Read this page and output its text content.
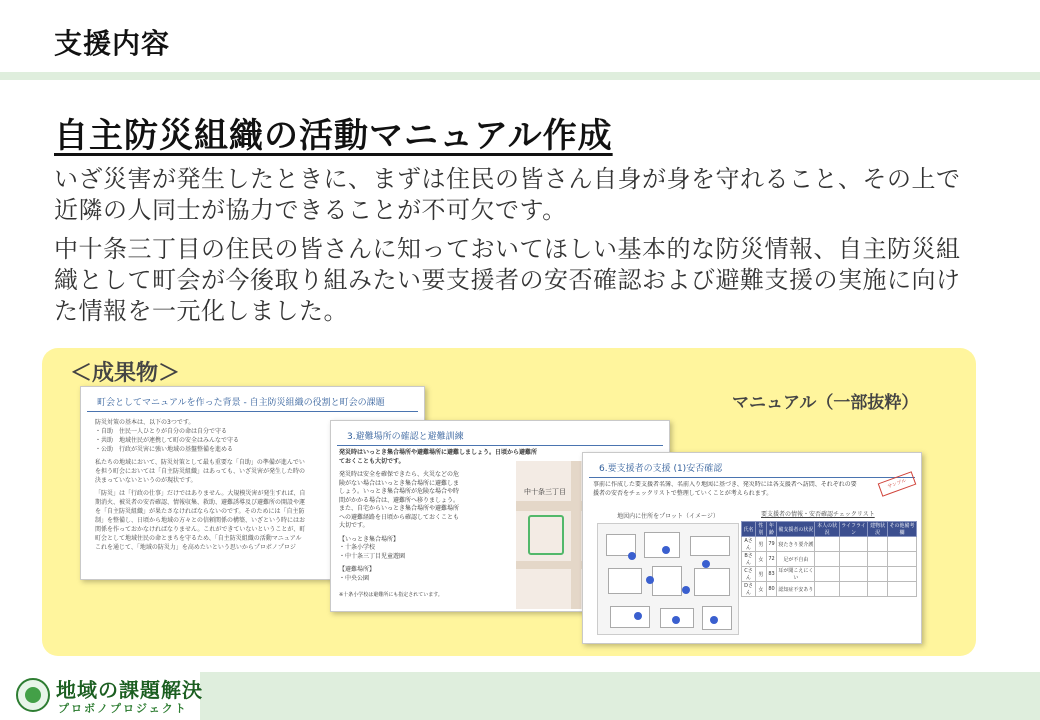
支援内容
自主防災組織の活動マニュアル作成
いざ災害が発生したときに、まずは住民の皆さん自身が身を守れること、その上で近隣の人同士が協力できることが不可欠です。
中十条三丁目の住民の皆さんに知っておいてほしい基本的な防災情報、自主防災組織として町会が今後取り組みたい要支援者の安否確認および避難支援の実施に向けた情報を一元化しました。
＜成果物＞
マニュアル（一部抜粋）
町会としてマニュアルを作った背景 - 自主防災組織の役割と町会の課題
防災対策の基本は、以下の3つです。
・自助　住民一人ひとりが自分の命は自分で守る
・共助　地域住民が連携して町の安全はみんなで守る
・公助　行政が災害に強い地域の基盤整備を進める
私たちの地域において、防災対策として最も重要な「自助」の準備が進んでい
を担う町会においては「自主防災組織」はあっても、いざ災害が発生した時の
決まっていないというのが現状です。
「防災」は「行政の仕事」だけではありません。大規模災害が発生すれば、自
期消火、被災者の安否確認、情報収集、救助、避難誘導及び避難所の開設や運
を「自主防災組織」が果たさなければならないのです。そのためには「自主防
制」を整備し、日頃から地域の方々との信頼関係の構築、いざという時にはお
関係を作っておかなければなりません。これができていないということが、町
町会として地域住民の命とまちを守るため、「自主防災組織の活動マニュアル
これを通じて、「地域の防災力」を高めたいという思いからプロボノプロジ
3.避難場所の確認と避難訓練
発災時はいっとき集合場所や避難場所に避難しましょう。日頃から避難所
ておくことも大切です。
発災時は安全を確保できたら、火災などの危
険がない場合はいっとき集合場所に避難しま
しょう。いっとき集合場所が危険な場合や時
間がかかる場合は、避難所へ移りましょう。
また、自宅からいっとき集合場所や避難場所
への避難経路を日頃から確認しておくことも
大切です。
【いっとき集合場所】
・十条小学校
・中十条三丁目児童遊園
【避難場所】
・中央公園
※十条小学校は避難所にも指定されています。
中十条三丁目
6.要支援者の支援 (1)安否確認
サンプル
事前に作成した要支援者名簿、名前入り地図に基づき、発災時には各支援者へ訪問、それぞれの要
援者の安否をチェックリストで整理していくことが考えられます。
地図内に住所をプロット（イメージ）	要支援者の情報・安否確認チェックリスト
氏名	性別	年齢	備支援者の状況	本人の状況	ライフライン	建物状況	その他備考欄
Aさん	男	79	寝たきり要介護				
Bさん	女	72	足が不自由				
Cさん	男	83	耳が聞こえにくい				
Dさん	女	80	認知症不安あり				
地域の課題解決
プロボノプロジェクト
